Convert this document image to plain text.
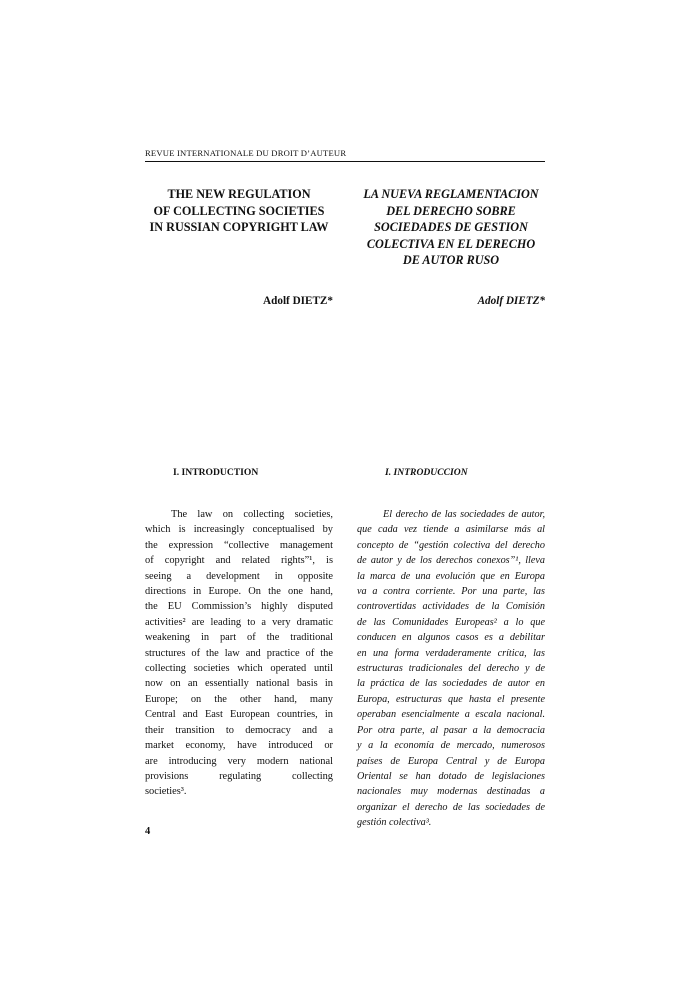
REVUE INTERNATIONALE DU DROIT D’AUTEUR
THE NEW REGULATION
OF COLLECTING SOCIETIES
IN RUSSIAN COPYRIGHT LAW
LA NUEVA REGLAMENTACION
DEL DERECHO SOBRE
SOCIEDADES DE GESTION
COLECTIVA EN EL DERECHO
DE AUTOR RUSO
Adolf DIETZ*	Adolf DIETZ*
I. INTRODUCTION	I. INTRODUCCION

The law on collecting societies,

which is increasingly conceptualised by
the expression “collective management
of copyright and related rights”¹, is
seeing a development in opposite
directions in Europe. On the one hand,
the EU Commission’s highly disputed
activities² are leading to a very dramatic
weakening in part of the traditional
structures of the law and practice of the
collecting societies which operated until
now on an essentially national basis in
Europe; on the other hand, many
Central and East European countries, in
their transition to democracy and a
market economy, have introduced or
are introducing very modern national
provisions regulating collecting
societies³.

El derecho de las sociedades de autor,

que cada vez tiende a asimilarse más al
concepto de “gestión colectiva del derecho
de autor y de los derechos conexos”¹, lleva
la marca de una evolución que en Europa
va a contra corriente. Por una parte, las
controvertidas actividades de la Comisión
de las Comunidades Europeas² a lo que
conducen en algunos casos es a debilitar
en una forma verdaderamente crítica, las
estructuras tradicionales del derecho y de
la práctica de las sociedades de autor en
Europa, estructuras que hasta el presente
operaban esencialmente a escala nacional.
Por otra parte, al pasar a la democracia
y a la economía de mercado, numerosos
países de Europa Central y de Europa
Oriental se han dotado de legislaciones
nacionales muy modernas destinadas a
organizar el derecho de las sociedades de
gestión colectiva³.
4
